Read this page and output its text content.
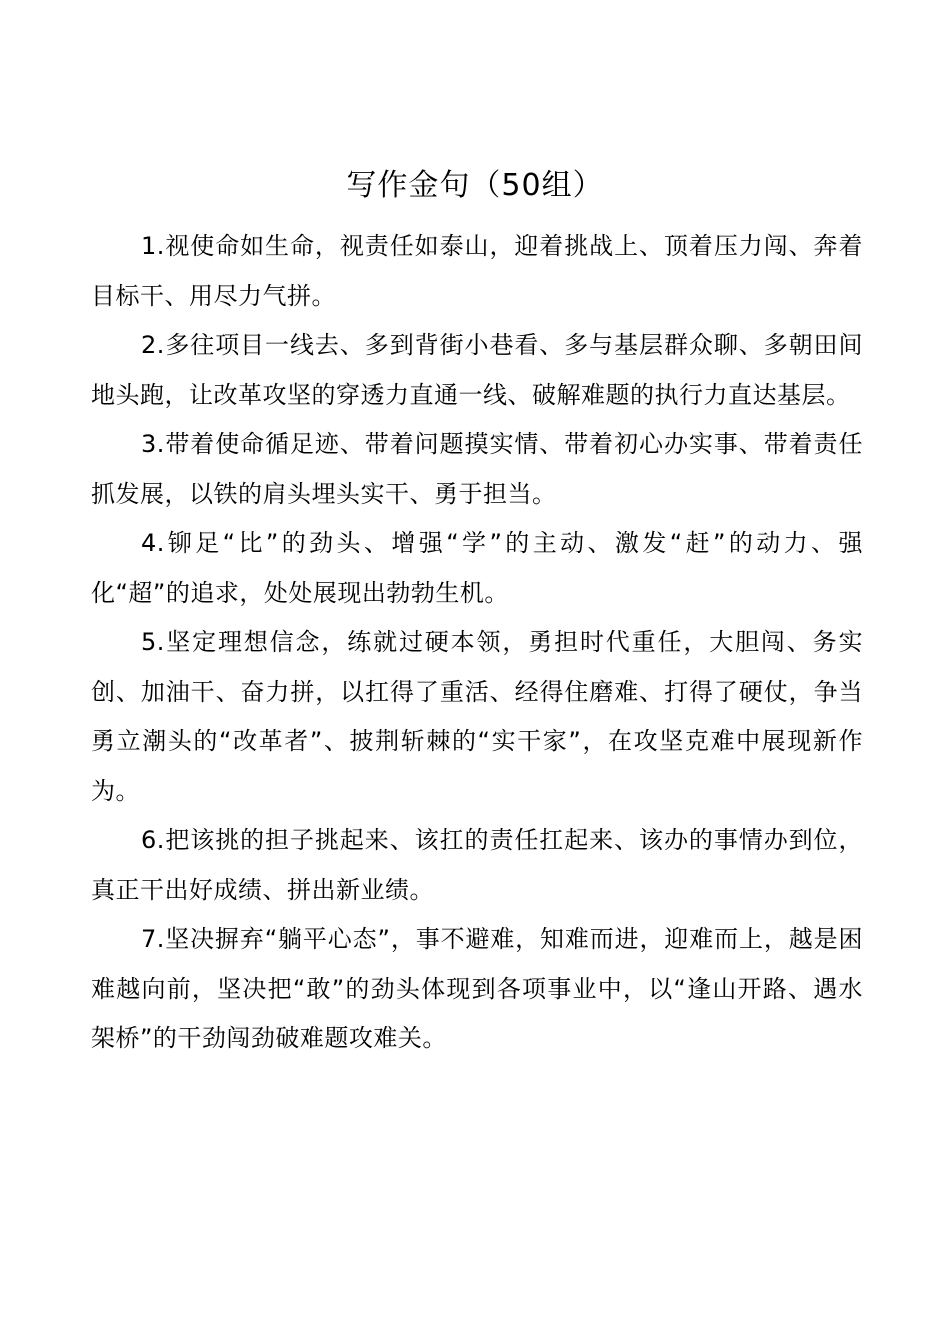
写作金句（50组）

1.视使命如生命，视责任如泰山，迎着挑战上、顶着压力闯、奔着目标干、用尽力气拼。

2.多往项目一线去、多到背街小巷看、多与基层群众聊、多朝田间地头跑，让改革攻坚的穿透力直通一线、破解难题的执行力直达基层。

3.带着使命循足迹、带着问题摸实情、带着初心办实事、带着责任抓发展，以铁的肩头埋头实干、勇于担当。

4.铆足“比”的劲头、增强“学”的主动、激发“赶”的动力、强化“超”的追求，处处展现出勃勃生机。

5.坚定理想信念，练就过硬本领，勇担时代重任，大胆闯、务实创、加油干、奋力拼，以扛得了重活、经得住磨难、打得了硬仗，争当勇立潮头的“改革者”、披荆斩棘的“实干家”，在攻坚克难中展现新作为。

6.把该挑的担子挑起来、该扛的责任扛起来、该办的事情办到位，真正干出好成绩、拼出新业绩。

7.坚决摒弃“躺平心态”，事不避难，知难而进，迎难而上，越是困难越向前，坚决把“敢”的劲头体现到各项事业中，以“逢山开路、遇水架桥”的干劲闯劲破难题攻难关。
